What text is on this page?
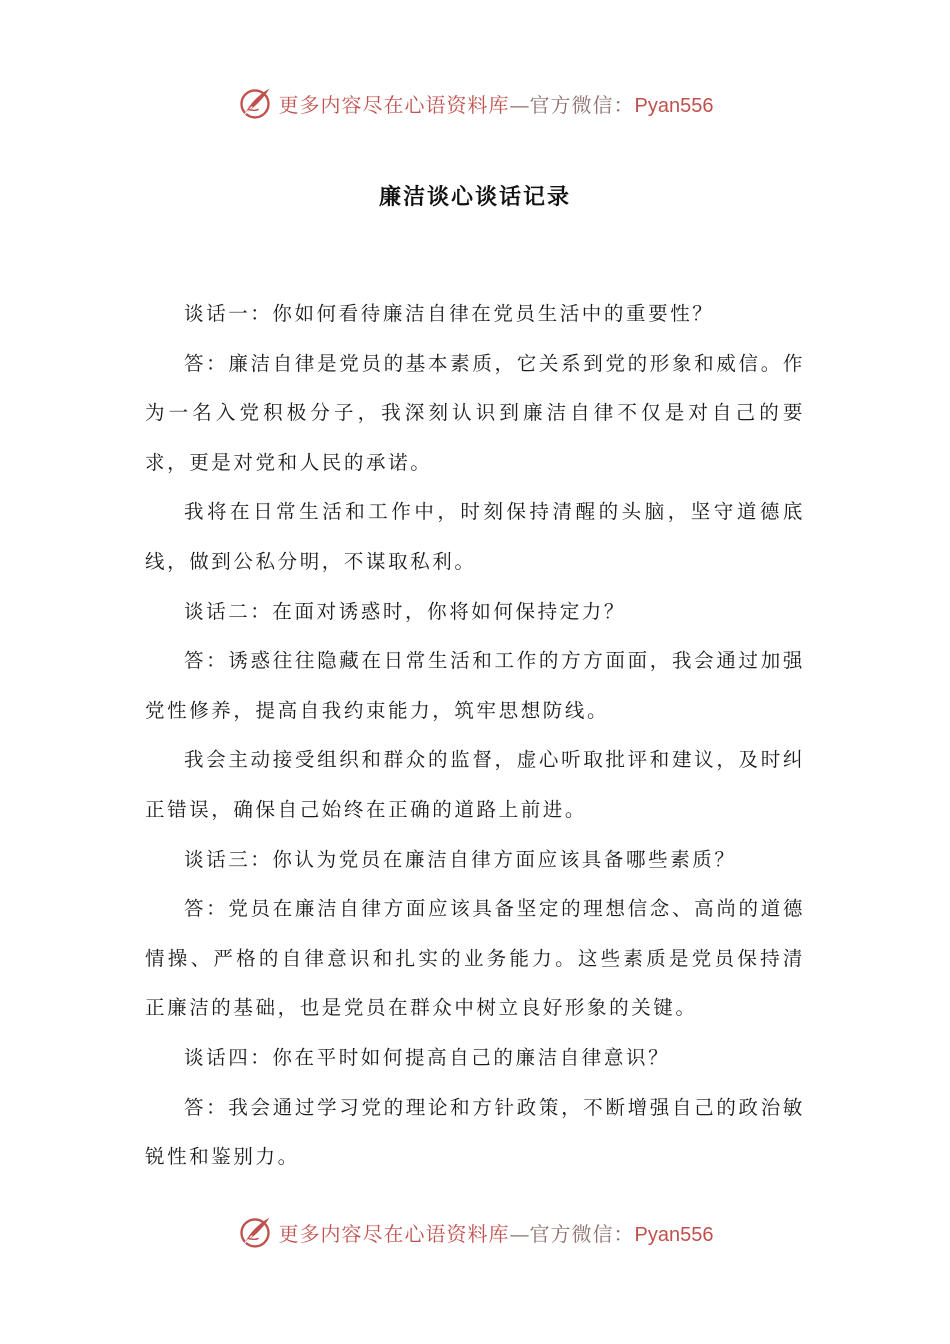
更多内容尽在心语资料库—官方微信：Pyan556
廉洁谈心谈话记录

谈话一：你如何看待廉洁自律在党员生活中的重要性？

答：廉洁自律是党员的基本素质，它关系到党的形象和威信。作为一名入党积极分子，我深刻认识到廉洁自律不仅是对自己的要求，更是对党和人民的承诺。

我将在日常生活和工作中，时刻保持清醒的头脑，坚守道德底线，做到公私分明，不谋取私利。

谈话二：在面对诱惑时，你将如何保持定力？

答：诱惑往往隐藏在日常生活和工作的方方面面，我会通过加强党性修养，提高自我约束能力，筑牢思想防线。

我会主动接受组织和群众的监督，虚心听取批评和建议，及时纠正错误，确保自己始终在正确的道路上前进。

谈话三：你认为党员在廉洁自律方面应该具备哪些素质？

答：党员在廉洁自律方面应该具备坚定的理想信念、高尚的道德情操、严格的自律意识和扎实的业务能力。这些素质是党员保持清正廉洁的基础，也是党员在群众中树立良好形象的关键。

谈话四：你在平时如何提高自己的廉洁自律意识？

答：我会通过学习党的理论和方针政策，不断增强自己的政治敏锐性和鉴别力。

更多内容尽在心语资料库—官方微信：Pyan556
